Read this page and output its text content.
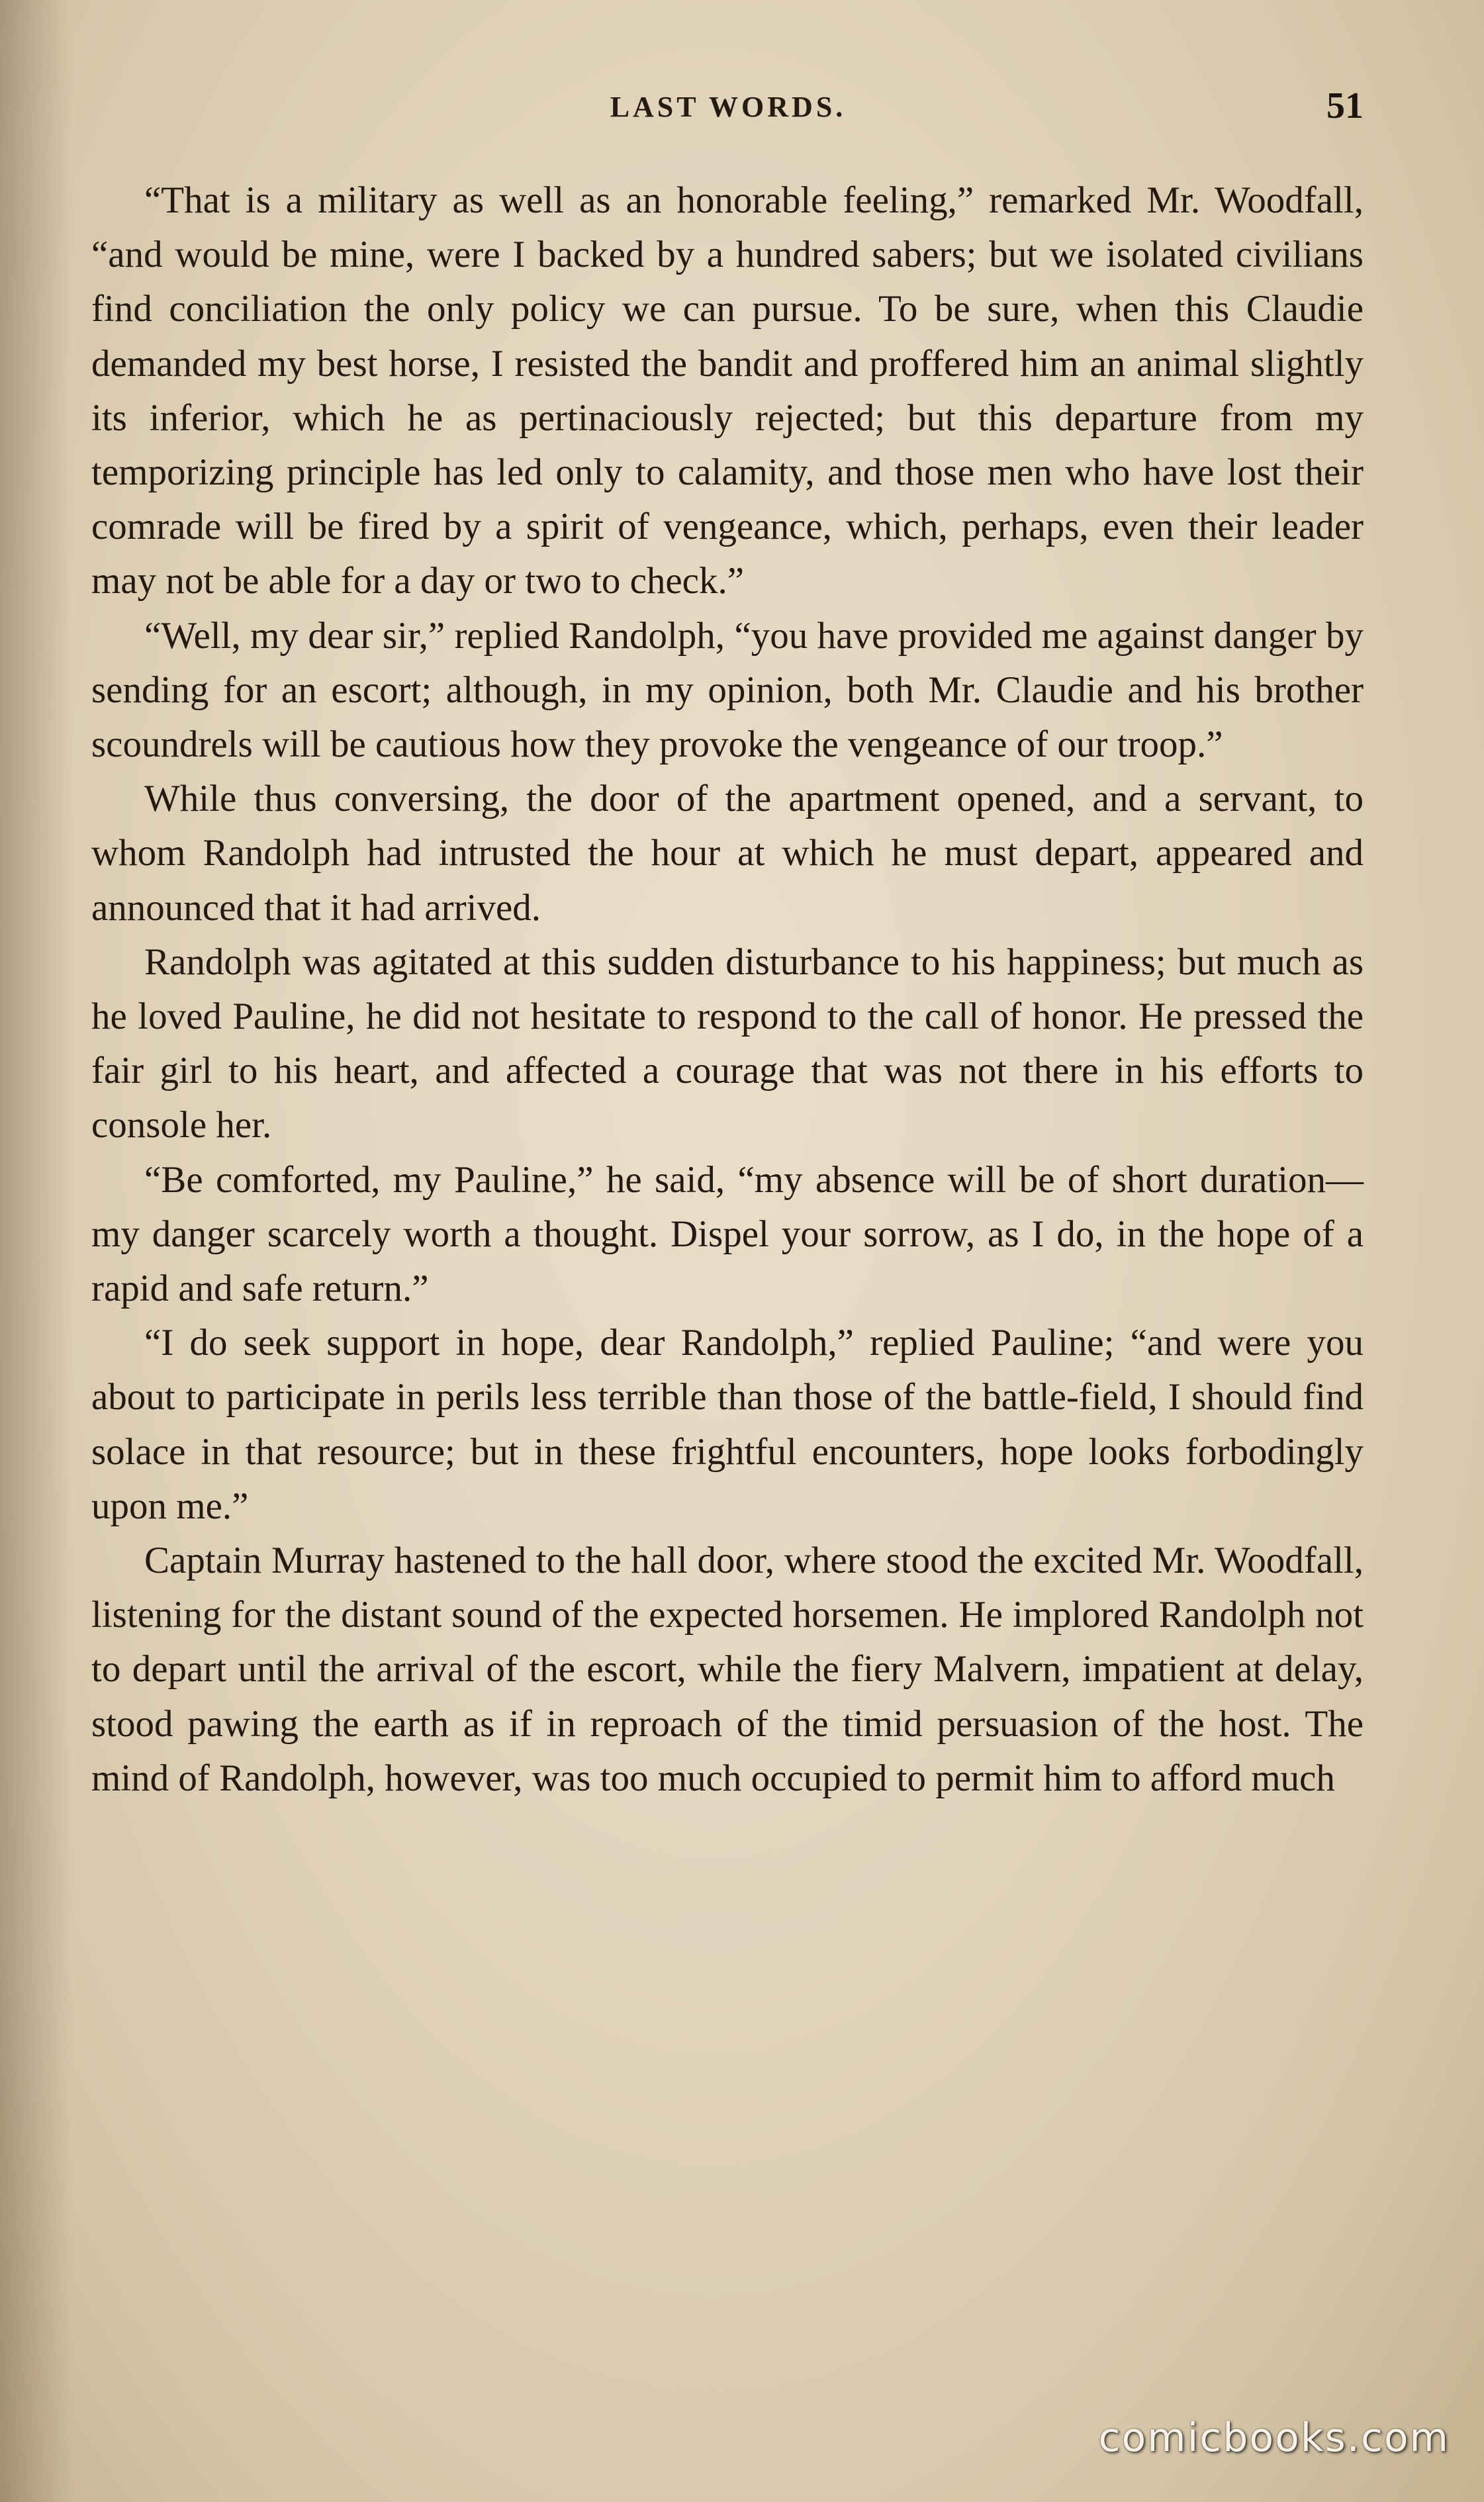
LAST WORDS.	51

“That is a military as well as an honorable feeling,” remarked Mr. Woodfall, “and would be mine, were I backed by a hundred sabers; but we isolated civilians find conciliation the only policy we can pursue. To be sure, when this Claudie demanded my best horse, I resisted the bandit and proffered him an animal slightly its inferior, which he as pertinaciously rejected; but this departure from my temporizing principle has led only to calamity, and those men who have lost their comrade will be fired by a spirit of vengeance, which, perhaps, even their leader may not be able for a day or two to check.”

“Well, my dear sir,” replied Randolph, “you have provided me against danger by sending for an escort; although, in my opinion, both Mr. Claudie and his brother scoundrels will be cautious how they provoke the vengeance of our troop.”

While thus conversing, the door of the apartment opened, and a servant, to whom Randolph had intrusted the hour at which he must depart, appeared and announced that it had arrived.

Randolph was agitated at this sudden disturbance to his happiness; but much as he loved Pauline, he did not hesitate to respond to the call of honor. He pressed the fair girl to his heart, and affected a courage that was not there in his efforts to console her.

“Be comforted, my Pauline,” he said, “my absence will be of short duration—my danger scarcely worth a thought. Dispel your sorrow, as I do, in the hope of a rapid and safe return.”

“I do seek support in hope, dear Randolph,” replied Pauline; “and were you about to participate in perils less terrible than those of the battle-field, I should find solace in that resource; but in these frightful encounters, hope looks forbodingly upon me.”

Captain Murray hastened to the hall door, where stood the excited Mr. Woodfall, listening for the distant sound of the expected horsemen. He implored Randolph not to depart until the arrival of the escort, while the fiery Malvern, impatient at delay, stood pawing the earth as if in reproach of the timid persuasion of the host. The mind of Randolph, however, was too much occupied to permit him to afford much

comicbooks.com
